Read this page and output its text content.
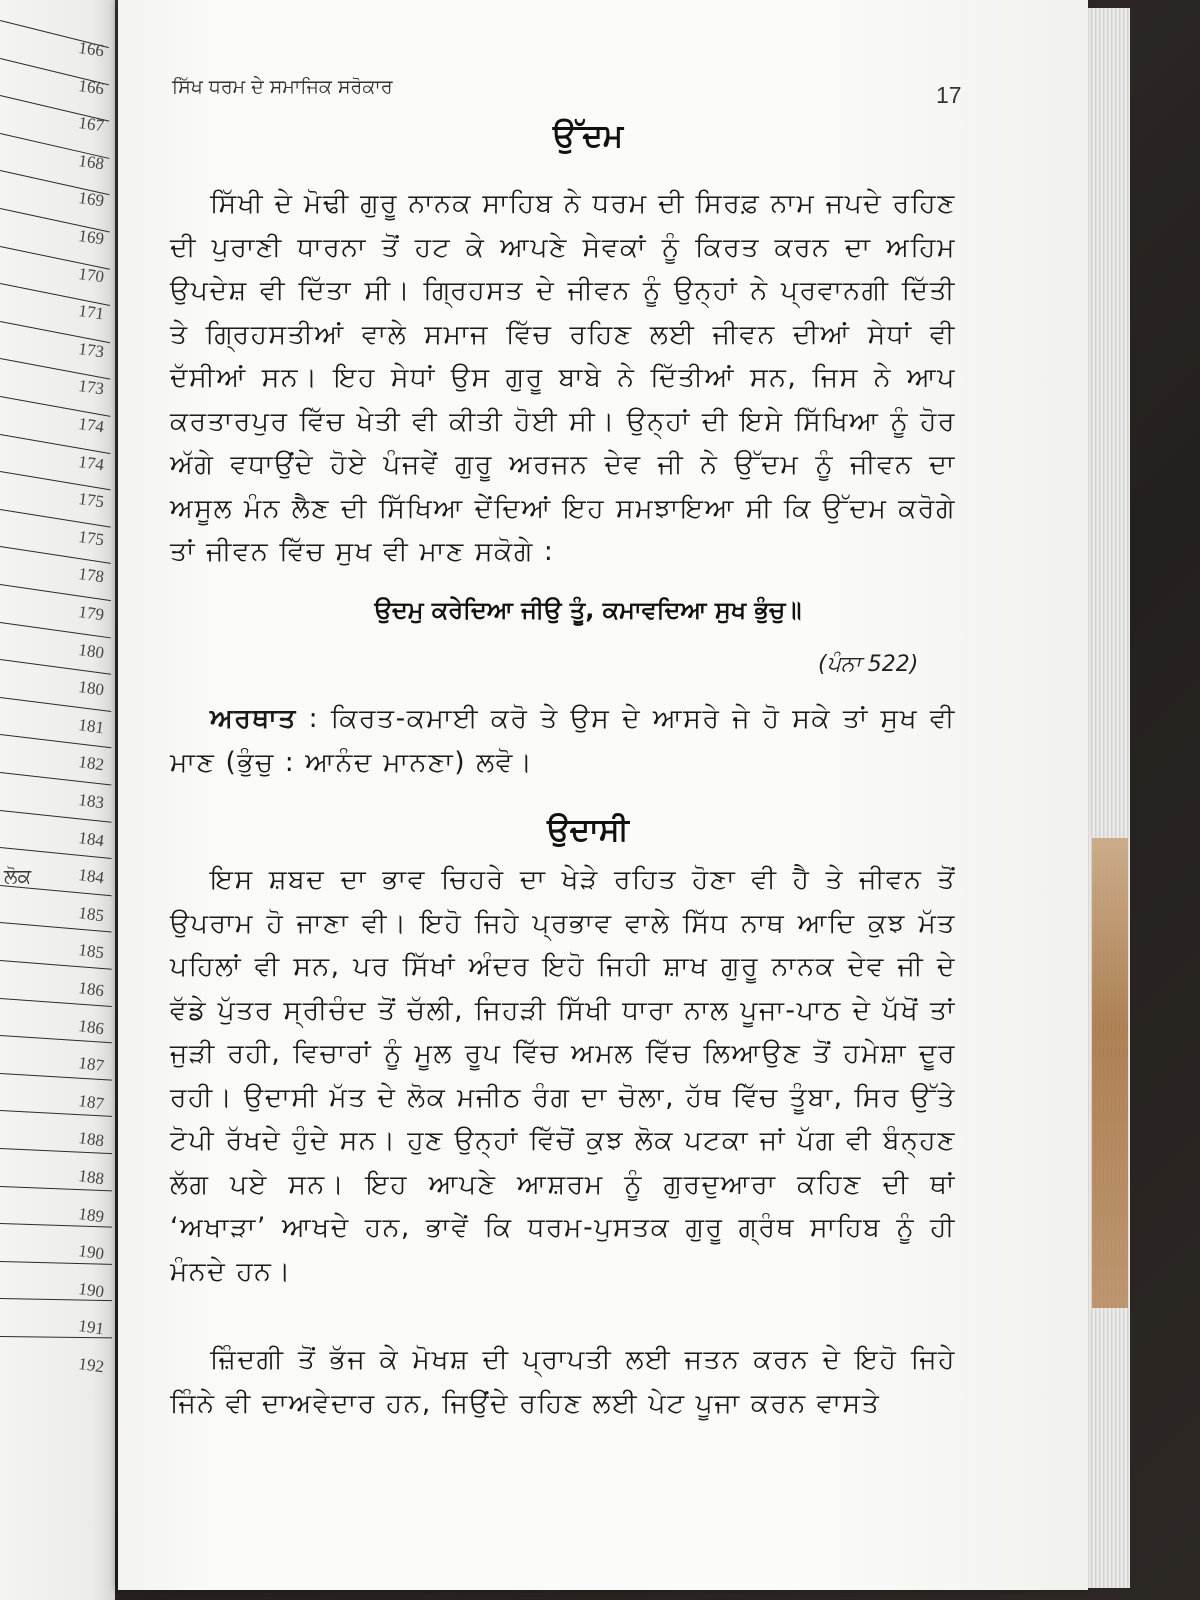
ਲੋਕ
166
166
167
168
169
169
170
171
173
173
174
174
175
175
178
179
180
180
181
182
183
184
184
185
185
186
186
187
187
188
188
189
190
190
191
192
ਸਿੱਖ ਧਰਮ ਦੇ ਸਮਾਜਿਕ ਸਰੋਕਾਰ	17
ਉੱਦਮ
ਸਿੱਖੀ ਦੇ ਮੋਢੀ ਗੁਰੂ ਨਾਨਕ ਸਾਹਿਬ ਨੇ ਧਰਮ ਦੀ ਸਿਰਫ਼ ਨਾਮ ਜਪਦੇ ਰਹਿਣ ਦੀ ਪੁਰਾਣੀ ਧਾਰਨਾ ਤੋਂ ਹਟ ਕੇ ਆਪਣੇ ਸੇਵਕਾਂ ਨੂੰ ਕਿਰਤ ਕਰਨ ਦਾ ਅਹਿਮ ਉਪਦੇਸ਼ ਵੀ ਦਿੱਤਾ ਸੀ। ਗ੍ਰਿਹਸਤ ਦੇ ਜੀਵਨ ਨੂੰ ਉਨ੍ਹਾਂ ਨੇ ਪ੍ਰਵਾਨਗੀ ਦਿੱਤੀ ਤੇ ਗ੍ਰਿਹਸਤੀਆਂ ਵਾਲੇ ਸਮਾਜ ਵਿੱਚ ਰਹਿਣ ਲਈ ਜੀਵਨ ਦੀਆਂ ਸੇਧਾਂ ਵੀ ਦੱਸੀਆਂ ਸਨ। ਇਹ ਸੇਧਾਂ ਉਸ ਗੁਰੂ ਬਾਬੇ ਨੇ ਦਿੱਤੀਆਂ ਸਨ, ਜਿਸ ਨੇ ਆਪ ਕਰਤਾਰਪੁਰ ਵਿੱਚ ਖੇਤੀ ਵੀ ਕੀਤੀ ਹੋਈ ਸੀ। ਉਨ੍ਹਾਂ ਦੀ ਇਸੇ ਸਿੱਖਿਆ ਨੂੰ ਹੋਰ ਅੱਗੇ ਵਧਾਉਂਦੇ ਹੋਏ ਪੰਜਵੇਂ ਗੁਰੂ ਅਰਜਨ ਦੇਵ ਜੀ ਨੇ ਉੱਦਮ ਨੂੰ ਜੀਵਨ ਦਾ ਅਸੂਲ ਮੰਨ ਲੈਣ ਦੀ ਸਿੱਖਿਆ ਦੇਂਦਿਆਂ ਇਹ ਸਮਝਾਇਆ ਸੀ ਕਿ ਉੱਦਮ ਕਰੋਗੇ ਤਾਂ ਜੀਵਨ ਵਿੱਚ ਸੁਖ ਵੀ ਮਾਣ ਸਕੋਗੇ :
ਉਦਮੁ ਕਰੇਦਿਆ ਜੀਉ ਤੂੰ, ਕਮਾਵਦਿਆ ਸੁਖ ਭੁੰਚੁ॥
(ਪੰਨਾ 522)
ਅਰਥਾਤ : ਕਿਰਤ-ਕਮਾਈ ਕਰੋ ਤੇ ਉਸ ਦੇ ਆਸਰੇ ਜੇ ਹੋ ਸਕੇ ਤਾਂ ਸੁਖ ਵੀ ਮਾਣ (ਭੁੰਚੁ : ਆਨੰਦ ਮਾਨਣਾ) ਲਵੋ।
ਉਦਾਸੀ
ਇਸ ਸ਼ਬਦ ਦਾ ਭਾਵ ਚਿਹਰੇ ਦਾ ਖੇੜੇ ਰਹਿਤ ਹੋਣਾ ਵੀ ਹੈ ਤੇ ਜੀਵਨ ਤੋਂ ਉਪਰਾਮ ਹੋ ਜਾਣਾ ਵੀ। ਇਹੋ ਜਿਹੇ ਪ੍ਰਭਾਵ ਵਾਲੇ ਸਿੱਧ ਨਾਥ ਆਦਿ ਕੁਝ ਮੱਤ ਪਹਿਲਾਂ ਵੀ ਸਨ, ਪਰ ਸਿੱਖਾਂ ਅੰਦਰ ਇਹੋ ਜਿਹੀ ਸ਼ਾਖ ਗੁਰੂ ਨਾਨਕ ਦੇਵ ਜੀ ਦੇ ਵੱਡੇ ਪੁੱਤਰ ਸ੍ਰੀਚੰਦ ਤੋਂ ਚੱਲੀ, ਜਿਹੜੀ ਸਿੱਖੀ ਧਾਰਾ ਨਾਲ ਪੂਜਾ-ਪਾਠ ਦੇ ਪੱਖੋਂ ਤਾਂ ਜੁੜੀ ਰਹੀ, ਵਿਚਾਰਾਂ ਨੂੰ ਮੂਲ ਰੂਪ ਵਿੱਚ ਅਮਲ ਵਿੱਚ ਲਿਆਉਣ ਤੋਂ ਹਮੇਸ਼ਾ ਦੂਰ ਰਹੀ। ਉਦਾਸੀ ਮੱਤ ਦੇ ਲੋਕ ਮਜੀਠ ਰੰਗ ਦਾ ਚੋਲਾ, ਹੱਥ ਵਿੱਚ ਤੂੰਬਾ, ਸਿਰ ਉੱਤੇ ਟੋਪੀ ਰੱਖਦੇ ਹੁੰਦੇ ਸਨ। ਹੁਣ ਉਨ੍ਹਾਂ ਵਿੱਚੋਂ ਕੁਝ ਲੋਕ ਪਟਕਾ ਜਾਂ ਪੱਗ ਵੀ ਬੰਨ੍ਹਣ ਲੱਗ ਪਏ ਸਨ। ਇਹ ਆਪਣੇ ਆਸ਼ਰਮ ਨੂੰ ਗੁਰਦੁਆਰਾ ਕਹਿਣ ਦੀ ਥਾਂ ‘ਅਖਾੜਾ’ ਆਖਦੇ ਹਨ, ਭਾਵੇਂ ਕਿ ਧਰਮ-ਪੁਸਤਕ ਗੁਰੂ ਗ੍ਰੰਥ ਸਾਹਿਬ ਨੂੰ ਹੀ ਮੰਨਦੇ ਹਨ।
ਜ਼ਿੰਦਗੀ ਤੋਂ ਭੱਜ ਕੇ ਮੋਖਸ਼ ਦੀ ਪ੍ਰਾਪਤੀ ਲਈ ਜਤਨ ਕਰਨ ਦੇ ਇਹੋ ਜਿਹੇ ਜਿੰਨੇ ਵੀ ਦਾਅਵੇਦਾਰ ਹਨ, ਜਿਉਂਦੇ ਰਹਿਣ ਲਈ ਪੇਟ ਪੂਜਾ ਕਰਨ ਵਾਸਤੇ
